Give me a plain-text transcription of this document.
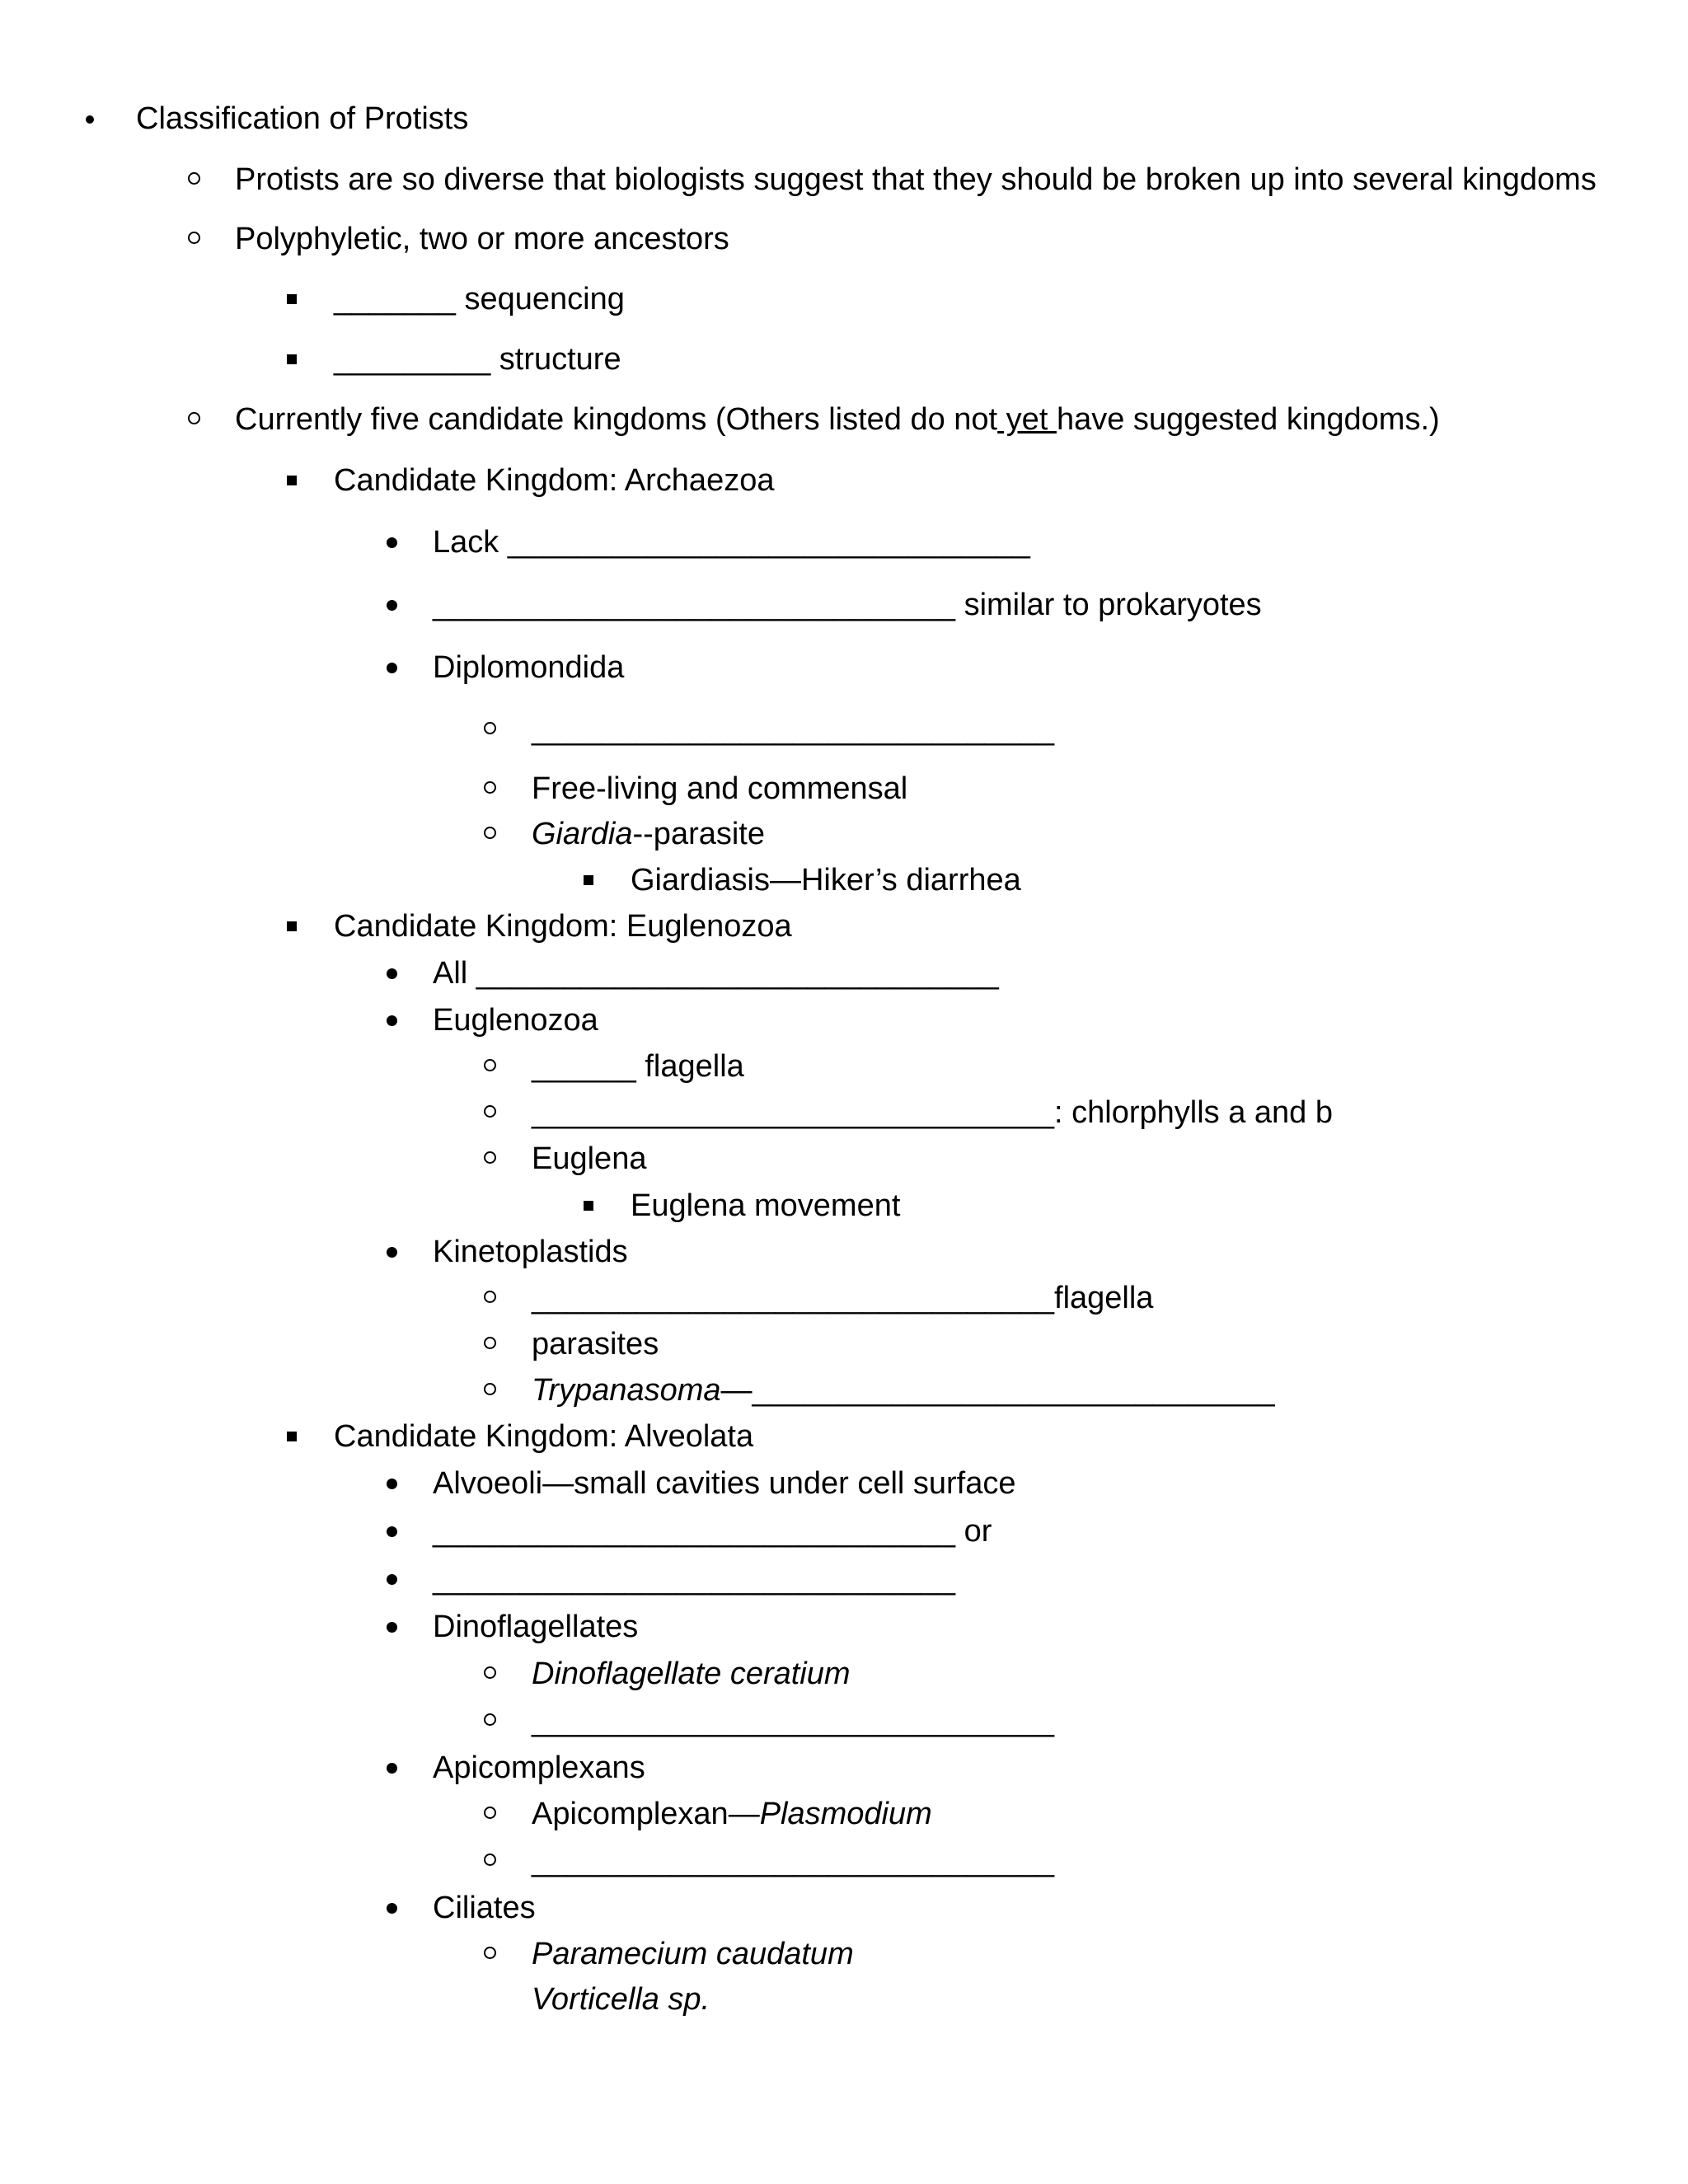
Classification of Protists
Protists are so diverse that biologists suggest that they should be broken up into several kingdoms
Polyphyletic, two or more ancestors
_______ sequencing
_________ structure
Currently five candidate kingdoms (Others listed do not yet have suggested kingdoms.)
Candidate Kingdom: Archaezoa
Lack ______________________________
______________________________ similar to prokaryotes
Diplomondida
______________________________
Free-living and commensal
Giardia--parasite
Giardiasis—Hiker’s diarrhea
Candidate Kingdom: Euglenozoa
All ______________________________
Euglenozoa
______ flagella
______________________________: chlorphylls a and b
Euglena
Euglena movement
Kinetoplastids
______________________________flagella
parasites
Trypanasoma—______________________________
Candidate Kingdom: Alveolata
Alvoeoli—small cavities under cell surface
______________________________ or
______________________________
Dinoflagellates
Dinoflagellate ceratium
______________________________
Apicomplexans
Apicomplexan—Plasmodium
______________________________
Ciliates
Paramecium caudatum
Vorticella sp.
